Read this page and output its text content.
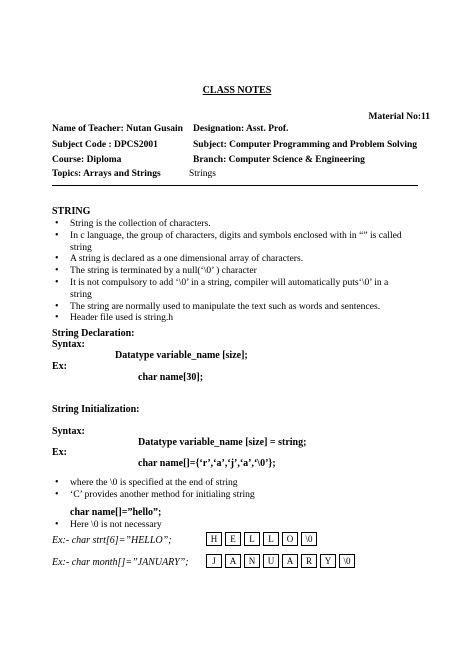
CLASS NOTES
Material No:11
Name of Teacher: Nutan Gusain Designation: Asst. Prof.
Subject Code : DPCS2001	Subject: Computer Programming and Problem Solving
Course: Diploma	Branch: Computer Science & Engineering
Topics: Arrays and Strings	Strings
STRING
• String is the collection of characters.
• In c language, the group of characters, digits and symbols enclosed with in “” is called
string
• A string is declared as a one dimensional array of characters.
• The string is terminated by a null(‘\0’ ) character
• It is not compulsory to add ‘\0’ in a string, compiler will automatically puts‘\0’ in a
string
• The string are normally used to manipulate the text such as words and sentences.
• Header file used is string.h
String Declaration:
Syntax:
Datatype variable_name [size];
Ex:
char name[30];
String Initialization:
Syntax:
Datatype variable_name [size] = string;
Ex:
char name[]={‘r’,‘a’,‘j’,‘a’,‘\0’};
• where the \0 is specified at the end of string
• ‘C’ provides another method for initialing string
char name[]=”hello”;
• Here \0 is not necessary
Ex:- char strt[6]=”HELLO”;	H	E	L	L	O	\0
Ex:- char month[]=”JANUARY”;	J	A	N	U	A	R	Y	\0
